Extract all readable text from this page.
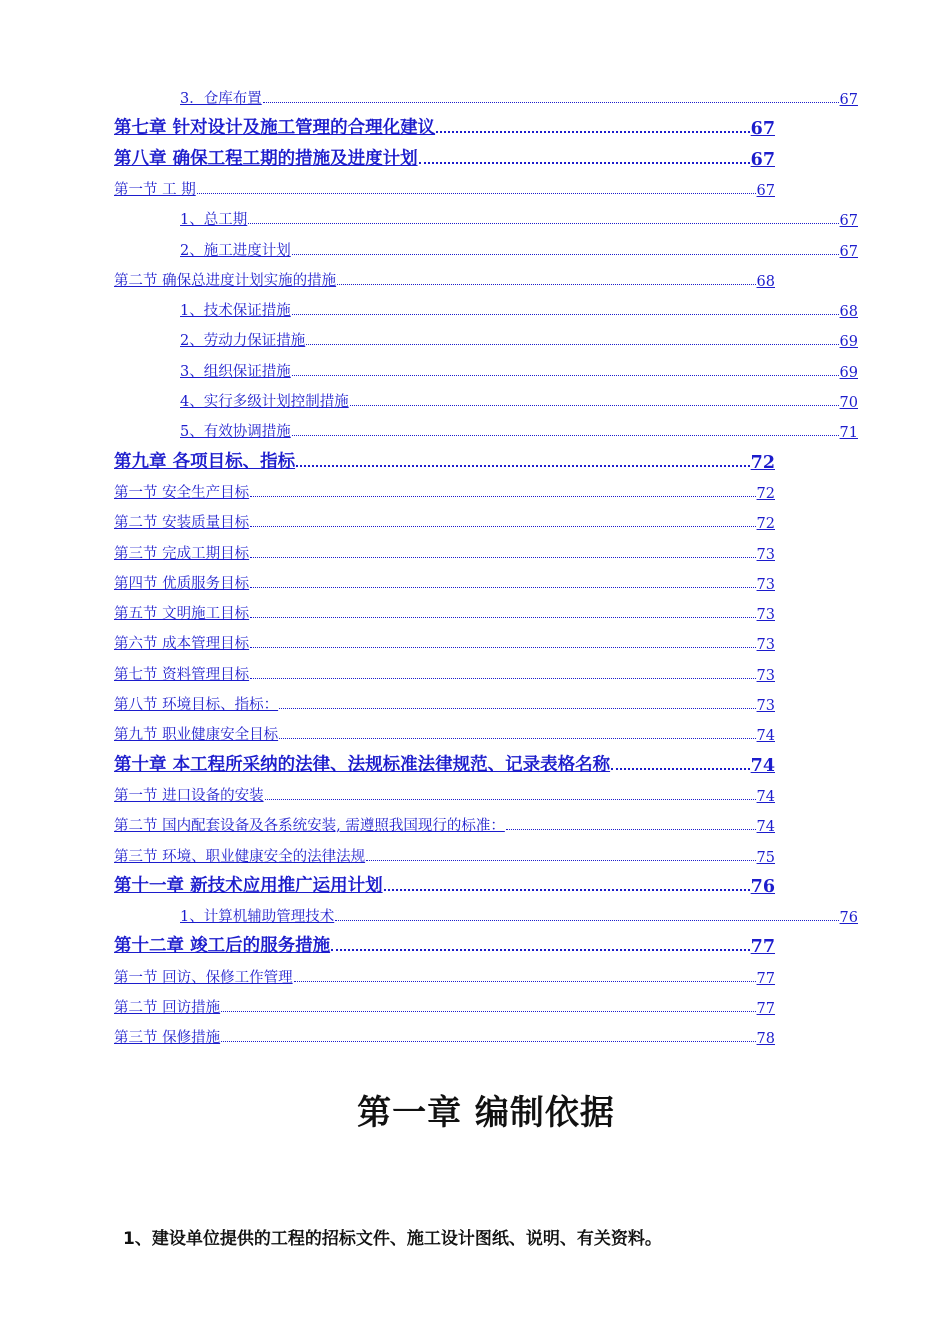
3．仓库布置	67
第七章 针对设计及施工管理的合理化建议	67
第八章 确保工程工期的措施及进度计划	67
第一节 工 期	67
1、总工期	67
2、施工进度计划	67
第二节 确保总进度计划实施的措施	68
1、技术保证措施	68
2、劳动力保证措施	69
3、组织保证措施	69
4、实行多级计划控制措施	70
5、有效协调措施	71
第九章 各项目标、指标	72
第一节 安全生产目标	72
第二节 安装质量目标	72
第三节 完成工期目标	73
第四节 优质服务目标	73
第五节 文明施工目标	73
第六节 成本管理目标	73
第七节 资料管理目标	73
第八节 环境目标、指标：	73
第九节 职业健康安全目标	74
第十章 本工程所采纳的法律、法规标准法律规范、记录表格名称	74
第一节 进口设备的安装	74
第二节 国内配套设备及各系统安装, 需遵照我国现行的标准：	74
第三节 环境、职业健康安全的法律法规	75
第十一章 新技术应用推广运用计划	76
1、计算机辅助管理技术	76
第十二章 竣工后的服务措施	77
第一节 回访、保修工作管理	77
第二节 回访措施	77
第三节 保修措施	78
第一章 编制依据
1、建设单位提供的工程的招标文件、施工设计图纸、说明、有关资料。
